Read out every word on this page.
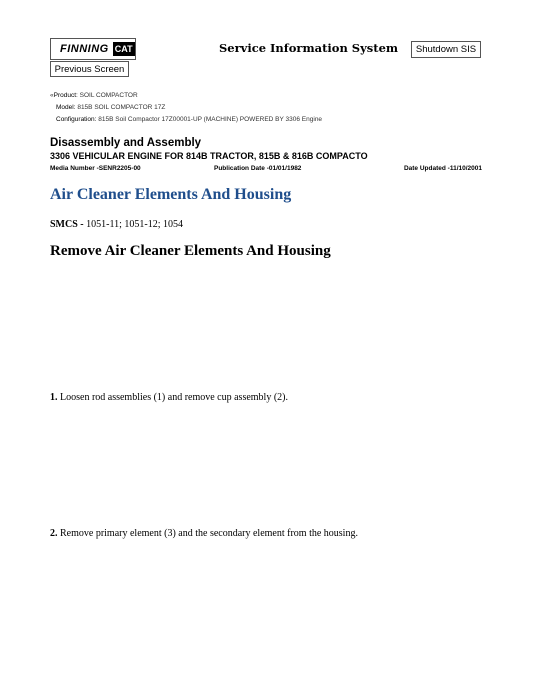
FINNING CAT	Service Information System	Shutdown SIS
Previous Screen
«Product: SOIL COMPACTOR
Model: 815B SOIL COMPACTOR 17Z
Configuration: 815B Soil Compactor 17Z00001-UP (MACHINE) POWERED BY 3306 Engine
Disassembly and Assembly
3306 VEHICULAR ENGINE FOR 814B TRACTOR, 815B & 816B COMPACTO
Media Number -SENR2205-00	Publication Date -01/01/1982	Date Updated -11/10/2001
Air Cleaner Elements And Housing
SMCS - 1051-11; 1051-12; 1054
Remove Air Cleaner Elements And Housing
1. Loosen rod assemblies (1) and remove cup assembly (2).
2. Remove primary element (3) and the secondary element from the housing.
